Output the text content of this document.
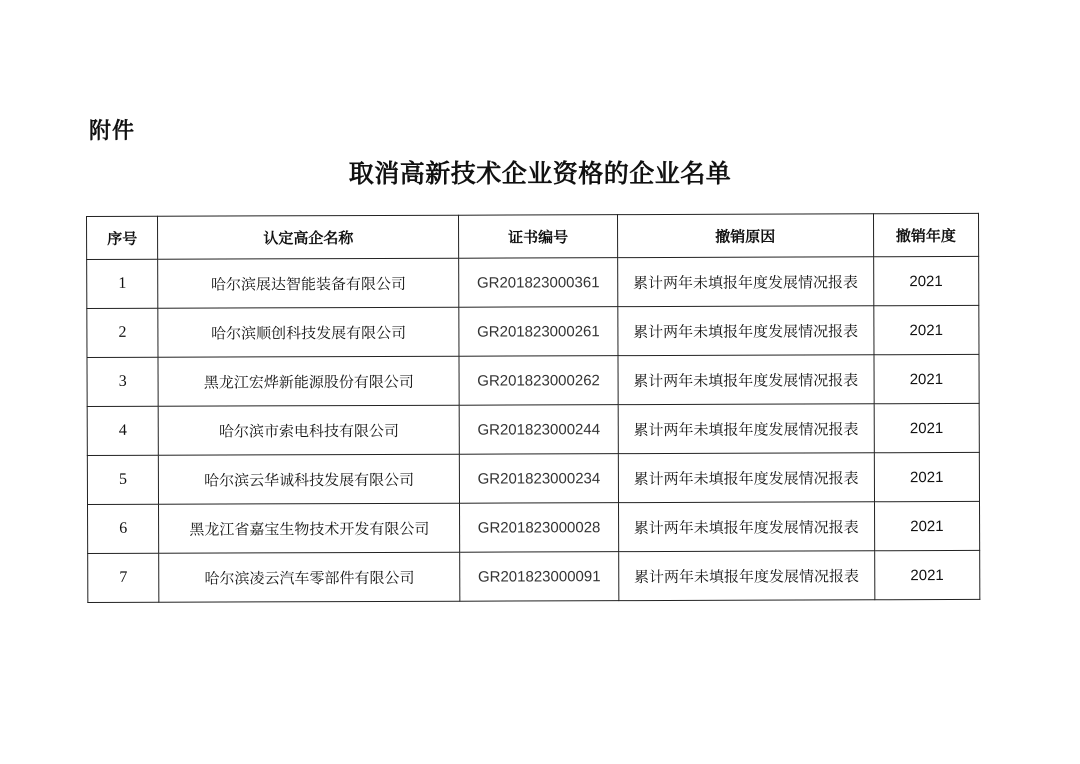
附件
取消高新技术企业资格的企业名单
序号	认定高企名称	证书编号	撤销原因	撤销年度
1	哈尔滨展达智能装备有限公司	GR201823000361	累计两年未填报年度发展情况报表	2021
2	哈尔滨顺创科技发展有限公司	GR201823000261	累计两年未填报年度发展情况报表	2021
3	黑龙江宏烨新能源股份有限公司	GR201823000262	累计两年未填报年度发展情况报表	2021
4	哈尔滨市索电科技有限公司	GR201823000244	累计两年未填报年度发展情况报表	2021
5	哈尔滨云华诚科技发展有限公司	GR201823000234	累计两年未填报年度发展情况报表	2021
6	黑龙江省嘉宝生物技术开发有限公司	GR201823000028	累计两年未填报年度发展情况报表	2021
7	哈尔滨凌云汽车零部件有限公司	GR201823000091	累计两年未填报年度发展情况报表	2021
